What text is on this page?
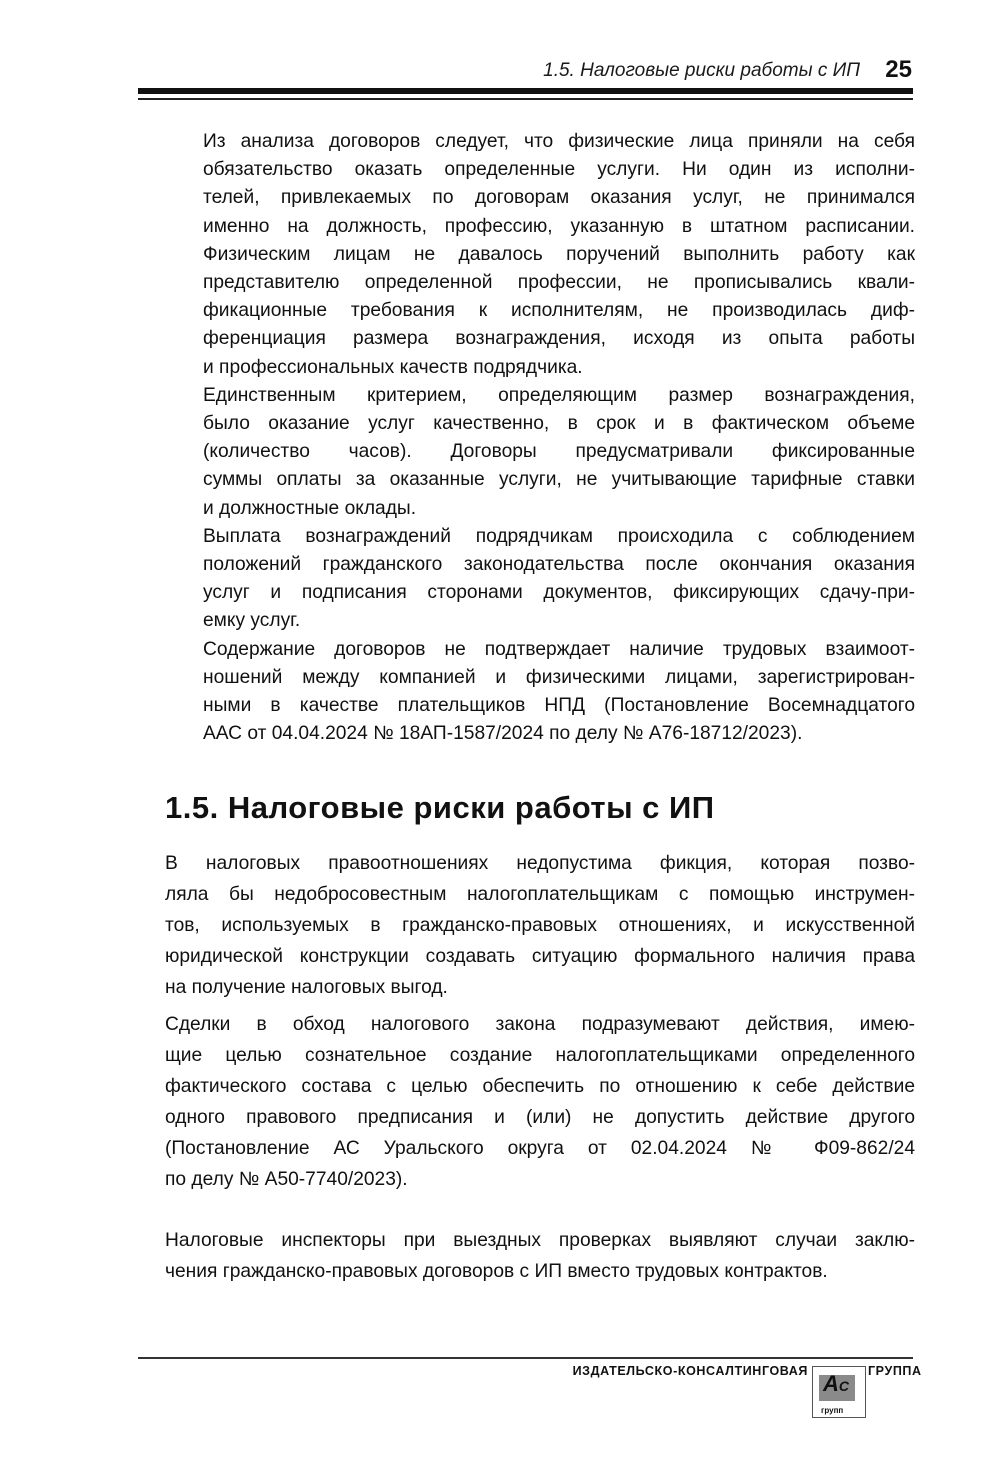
1.5. Налоговые риски работы с ИП 25
Из анализа договоров следует, что физические лица приняли на себя
обязательство оказать определенные услуги. Ни один из исполни-
телей, привлекаемых по договорам оказания услуг, не принимался
именно на должность, профессию, указанную в штатном расписании.
Физическим лицам не давалось поручений выполнить работу как
представителю определенной профессии, не прописывались квали-
фикационные требования к исполнителям, не производилась диф-
ференциация размера вознаграждения, исходя из опыта работы
и профессиональных качеств подрядчика.
Единственным критерием, определяющим размер вознаграждения,
было оказание услуг качественно, в срок и в фактическом объеме
(количество часов). Договоры предусматривали фиксированные
суммы оплаты за оказанные услуги, не учитывающие тарифные ставки
и должностные оклады.
Выплата вознаграждений подрядчикам происходила с соблюдением
положений гражданского законодательства после окончания оказания
услуг и подписания сторонами документов, фиксирующих сдачу-при-
емку услуг.
Содержание договоров не подтверждает наличие трудовых взаимоот-
ношений между компанией и физическими лицами, зарегистрирован-
ными в качестве плательщиков НПД (Постановление Восемнадцатого
ААС от 04.04.2024 № 18АП-1587/2024 по делу № А76-18712/2023).
1.5. Налоговые риски работы с ИП
В налоговых правоотношениях недопустима фикция, которая позво-
ляла бы недобросовестным налогоплательщикам с помощью инструмен-
тов, используемых в гражданско-правовых отношениях, и искусственной
юридической конструкции создавать ситуацию формального наличия права
на получение налоговых выгод.
Сделки в обход налогового закона подразумевают действия, имею-
щие целью сознательное создание налогоплательщиками определенного
фактического состава с целью обеспечить по отношению к себе действие
одного правового предписания и (или) не допустить действие другого
(Постановление АС Уральского округа от 02.04.2024 № Ф09-862/24
по делу № А50-7740/2023).
Налоговые инспекторы при выездных проверках выявляют случаи заклю-
чения гражданско-правовых договоров с ИП вместо трудовых контрактов.
ИЗДАТЕЛЬСКО-КОНСАЛТИНГОВАЯ AC
групп
ГРУППА
